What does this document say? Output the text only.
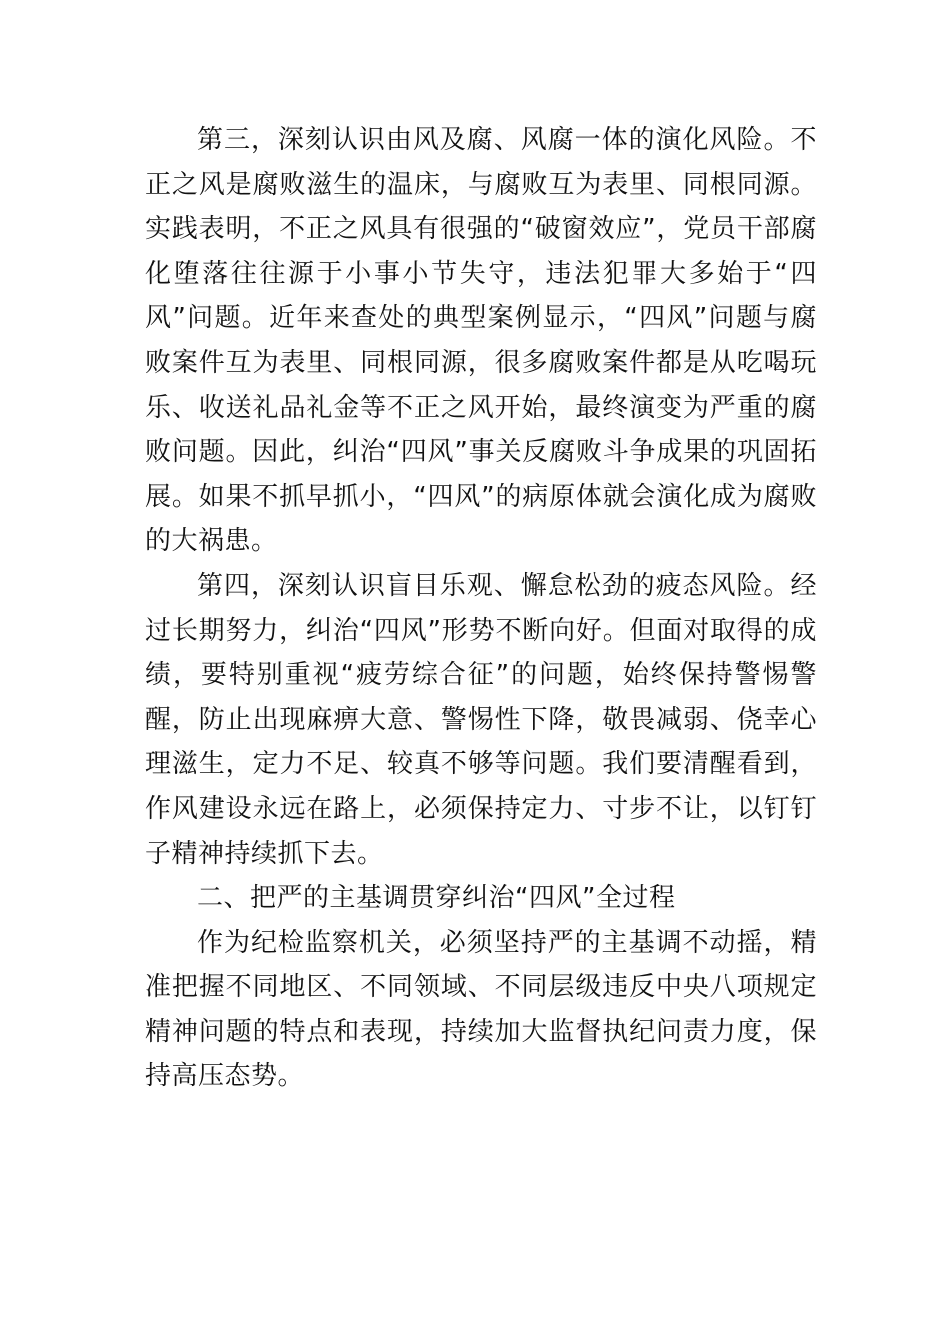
第三，深刻认识由风及腐、风腐一体的演化风险。不正之风是腐败滋生的温床，与腐败互为表里、同根同源。实践表明，不正之风具有很强的“破窗效应”，党员干部腐化堕落往往源于小事小节失守，违法犯罪大多始于“四风”问题。近年来查处的典型案例显示，“四风”问题与腐败案件互为表里、同根同源，很多腐败案件都是从吃喝玩乐、收送礼品礼金等不正之风开始，最终演变为严重的腐败问题。因此，纠治“四风”事关反腐败斗争成果的巩固拓展。如果不抓早抓小，“四风”的病原体就会演化成为腐败的大祸患。

第四，深刻认识盲目乐观、懈怠松劲的疲态风险。经过长期努力，纠治“四风”形势不断向好。但面对取得的成绩，要特别重视“疲劳综合征”的问题，始终保持警惕警醒，防止出现麻痹大意、警惕性下降，敬畏减弱、侥幸心理滋生，定力不足、较真不够等问题。我们要清醒看到，作风建设永远在路上，必须保持定力、寸步不让，以钉钉子精神持续抓下去。

二、把严的主基调贯穿纠治“四风”全过程

作为纪检监察机关，必须坚持严的主基调不动摇，精准把握不同地区、不同领域、不同层级违反中央八项规定精神问题的特点和表现，持续加大监督执纪问责力度，保持高压态势。
